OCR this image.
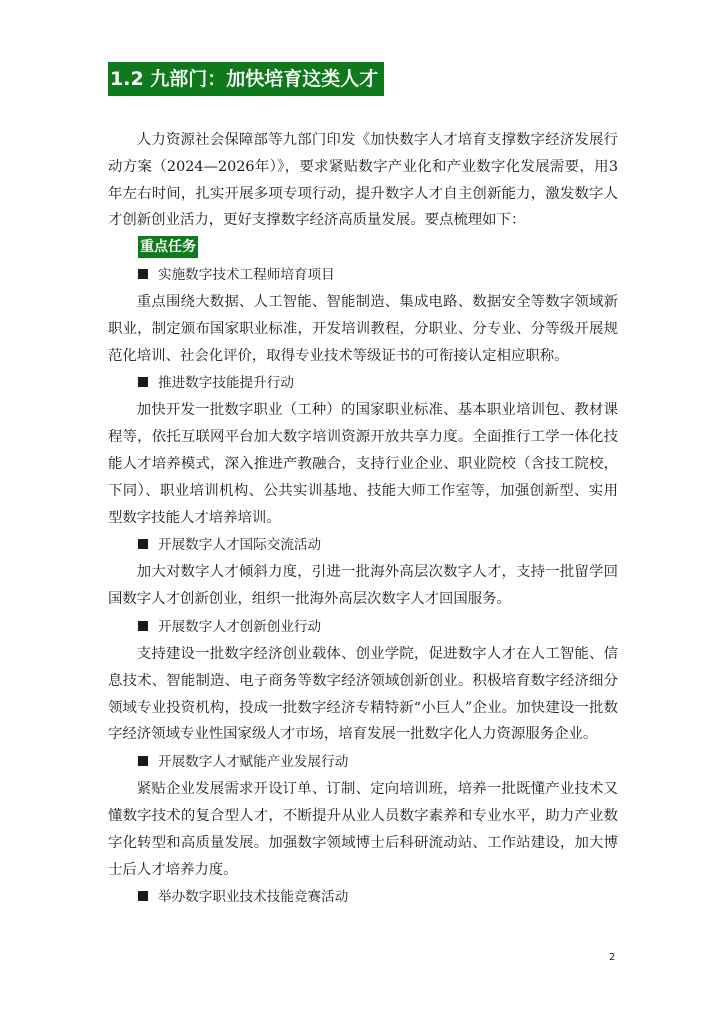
1.2 九部门：加快培育这类人才

人力资源社会保障部等九部门印发《加快数字人才培育支撑数字经济发展行动方案（2024—2026年）》，要求紧贴数字产业化和产业数字化发展需要，用3年左右时间，扎实开展多项专项行动，提升数字人才自主创新能力，激发数字人才创新创业活力，更好支撑数字经济高质量发展。要点梳理如下：

重点任务
实施数字技术工程师培育项目

重点围绕大数据、人工智能、智能制造、集成电路、数据安全等数字领域新职业，制定颁布国家职业标准，开发培训教程，分职业、分专业、分等级开展规范化培训、社会化评价，取得专业技术等级证书的可衔接认定相应职称。

推进数字技能提升行动

加快开发一批数字职业（工种）的国家职业标准、基本职业培训包、教材课程等，依托互联网平台加大数字培训资源开放共享力度。全面推行工学一体化技能人才培养模式，深入推进产教融合，支持行业企业、职业院校（含技工院校，下同）、职业培训机构、公共实训基地、技能大师工作室等，加强创新型、实用型数字技能人才培养培训。

开展数字人才国际交流活动

加大对数字人才倾斜力度，引进一批海外高层次数字人才，支持一批留学回国数字人才创新创业，组织一批海外高层次数字人才回国服务。

开展数字人才创新创业行动

支持建设一批数字经济创业载体、创业学院，促进数字人才在人工智能、信息技术、智能制造、电子商务等数字经济领域创新创业。积极培育数字经济细分领域专业投资机构，投成一批数字经济专精特新“小巨人”企业。加快建设一批数字经济领域专业性国家级人才市场，培育发展一批数字化人力资源服务企业。

开展数字人才赋能产业发展行动

紧贴企业发展需求开设订单、订制、定向培训班，培养一批既懂产业技术又懂数字技术的复合型人才，不断提升从业人员数字素养和专业水平，助力产业数字化转型和高质量发展。加强数字领域博士后科研流动站、工作站建设，加大博士后人才培养力度。

举办数字职业技术技能竞赛活动
2
